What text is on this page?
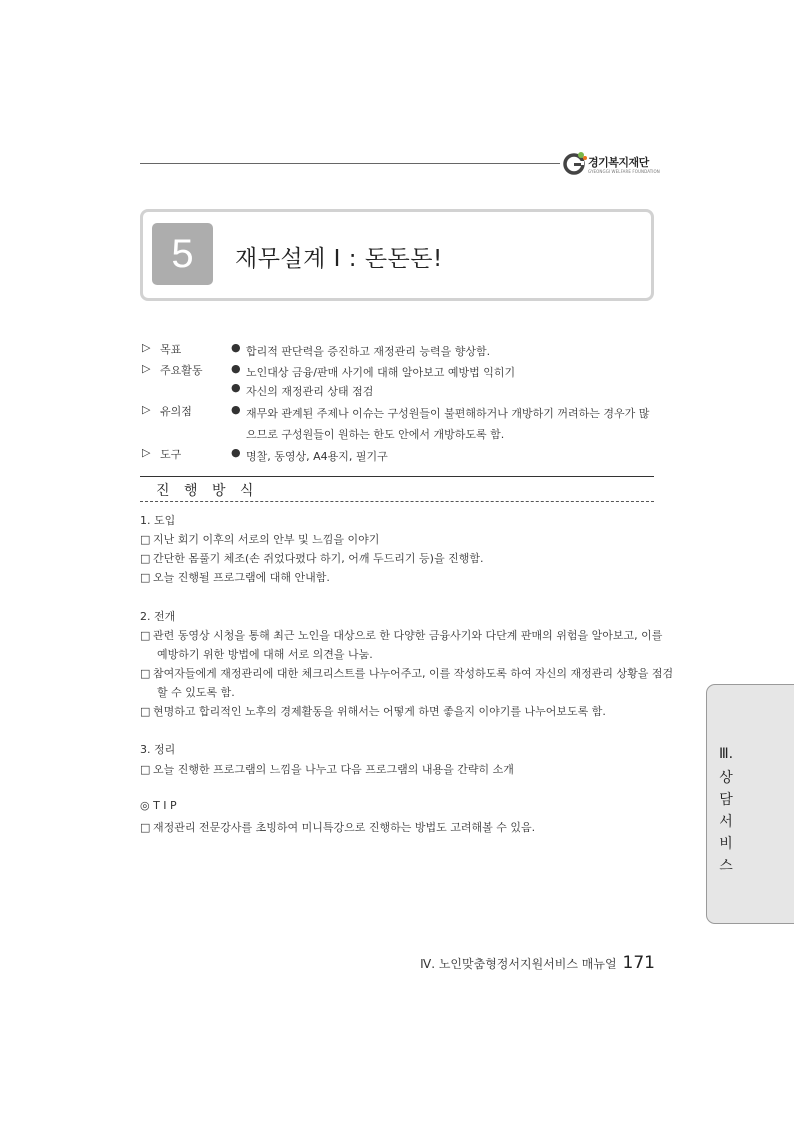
경기복지재단
GYEONGGI WELFARE FOUNDATION
5	재무설계 Ⅰ : 돈돈돈!
▷ 목표	● 합리적 판단력을 증진하고 재정관리 능력을 향상함.
▷ 주요활동	● 노인대상 금융/판매 사기에 대해 알아보고 예방법 익히기
● 자신의 재정관리 상태 점검
▷ 유의점	● 재무와 관계된 주제나 이슈는 구성원들이 불편해하거나 개방하기 꺼려하는 경우가 많으므로 구성원들이 원하는 한도 안에서 개방하도록 함.
▷ 도구	● 명찰, 동영상, A4용지, 필기구
진 행 방 식
1. 도입
□ 지난 회기 이후의 서로의 안부 및 느낌을 이야기
□ 간단한 몸풀기 체조(손 쥐었다폈다 하기, 어깨 두드리기 등)을 진행함.
□ 오늘 진행될 프로그램에 대해 안내함.
2. 전개
□ 관련 동영상 시청을 통해 최근 노인을 대상으로 한 다양한 금융사기와 다단계 판매의 위험을 알아보고, 이를
예방하기 위한 방법에 대해 서로 의견을 나눔.
□ 참여자들에게 재정관리에 대한 체크리스트를 나누어주고, 이를 작성하도록 하여 자신의 재정관리 상황을 점검
할 수 있도록 함.
□ 현명하고 합리적인 노후의 경제활동을 위해서는 어떻게 하면 좋을지 이야기를 나누어보도록 함.
3. 정리
□ 오늘 진행한 프로그램의 느낌을 나누고 다음 프로그램의 내용을 간략히 소개
◎ T I P
□ 재정관리 전문강사를 초빙하여 미니특강으로 진행하는 방법도 고려해볼 수 있음.
Ⅲ.
상
담
서
비
스
Ⅳ. 노인맞춤형정서지원서비스 매뉴얼 171
